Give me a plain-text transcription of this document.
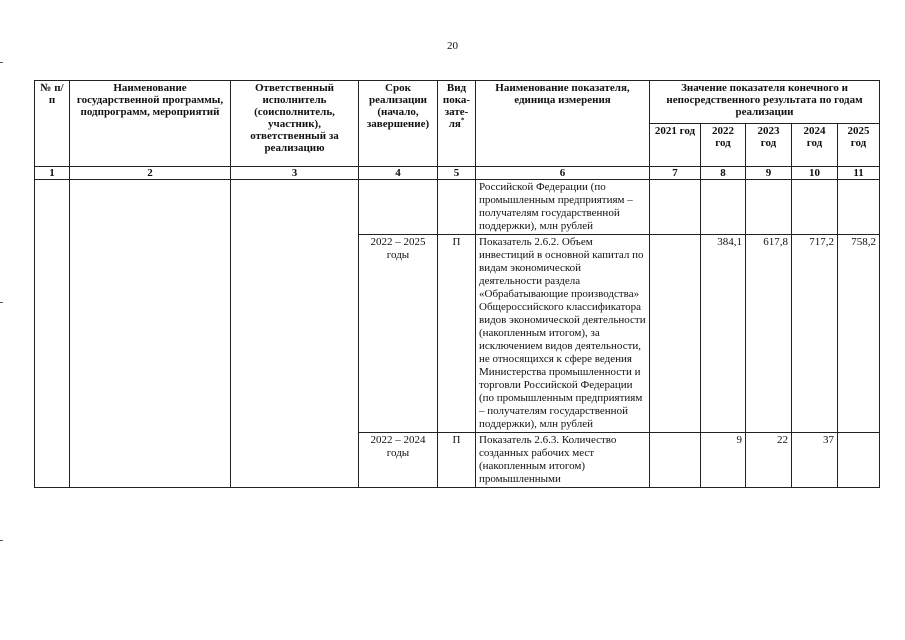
20
№ п/п	Наименование государственной программы, подпрограмм, мероприятий	Ответственный исполнитель (соисполнитель, участник), ответственный за реализацию	Срок реализации (начало, завершение)	Вид пока-зате-ля*	Наименование показателя, единица измерения	Значение показателя конечного и непосредственного результата по годам реализации				
						2021 год	2022 год	2023 год	2024 год	2025 год
1	2	3	4	5	6	7	8	9	10	11
					Российской Федерации (по промышленным предприятиям – получателям государственной поддержки), млн рублей					
			2022 – 2025 годы	П	Показатель 2.6.2. Объем инвестиций в основной капитал по видам экономической деятельности раздела «Обрабатывающие производства» Общероссийского классификатора видов экономической деятельности (накопленным итогом), за исключением видов деятельности, не относящихся к сфере ведения Министерства промышленности и торговли Российской Федерации (по промышленным предприятиям – получателям государственной поддержки), млн рублей		384,1	617,8	717,2	758,2
			2022 – 2024 годы	П	Показатель 2.6.3. Количество созданных рабочих мест (накопленным итогом) промышленными		9	22	37	
